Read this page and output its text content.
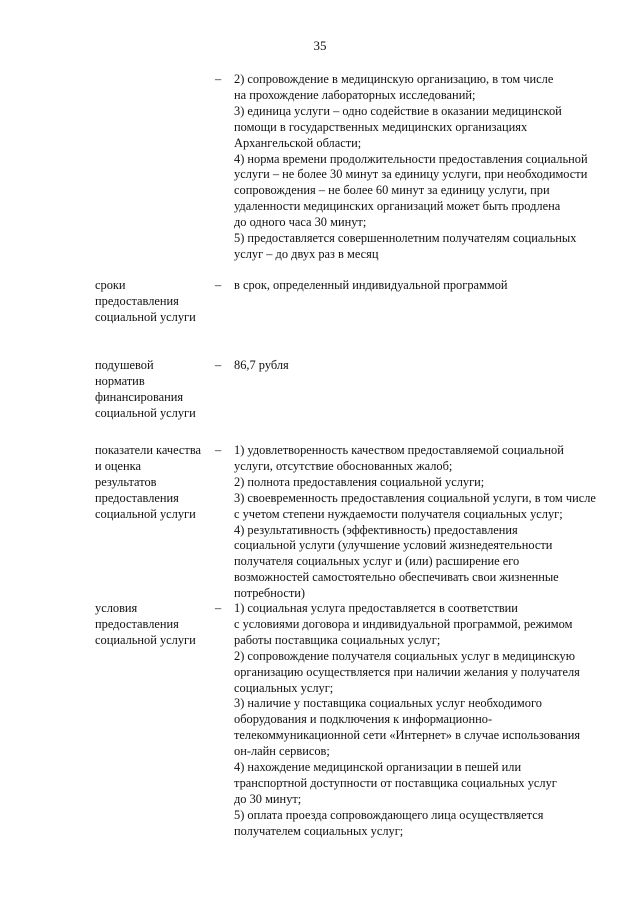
35
– 2) сопровождение в медицинскую организацию, в том числе
на прохождение лабораторных исследований;
3) единица услуги – одно содействие в оказании медицинской
помощи в государственных медицинских организациях
Архангельской области;
4) норма времени продолжительности предоставления социальной
услуги – не более 30 минут за единицу услуги, при необходимости
сопровождения – не более 60 минут за единицу услуги, при
удаленности медицинских организаций может быть продлена
до одного часа 30 минут;
5) предоставляется совершеннолетним получателям социальных
услуг – до двух раз в месяц
сроки
предоставления
социальной услуги
– в срок, определенный индивидуальной программой
подушевой
норматив
финансирования
социальной услуги
– 86,7 рубля
показатели качества
и оценка
результатов
предоставления
социальной услуги
– 1) удовлетворенность качеством предоставляемой социальной
услуги, отсутствие обоснованных жалоб;
2) полнота предоставления социальной услуги;
3) своевременность предоставления социальной услуги, в том числе
с учетом степени нуждаемости получателя социальных услуг;
4) результативность (эффективность) предоставления
социальной услуги (улучшение условий жизнедеятельности
получателя социальных услуг и (или) расширение его
возможностей самостоятельно обеспечивать свои жизненные
потребности)
условия
предоставления
социальной услуги
– 1) социальная услуга предоставляется в соответствии
с условиями договора и индивидуальной программой, режимом
работы поставщика социальных услуг;
2) сопровождение получателя социальных услуг в медицинскую
организацию осуществляется при наличии желания у получателя
социальных услуг;
3) наличие у поставщика социальных услуг необходимого
оборудования и подключения к информационно-
телекоммуникационной сети «Интернет» в случае использования
он-лайн сервисов;
4) нахождение медицинской организации в пешей или
транспортной доступности от поставщика социальных услуг
до 30 минут;
5) оплата проезда сопровождающего лица осуществляется
получателем социальных услуг;
